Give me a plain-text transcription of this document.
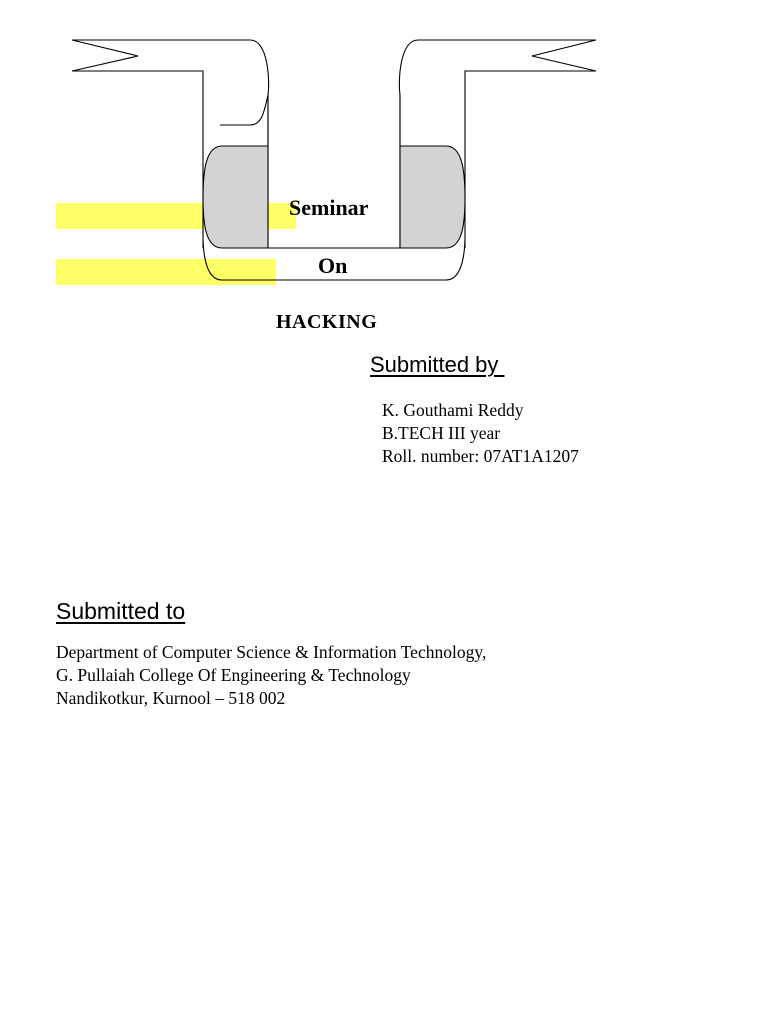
Seminar
On
HACKING
Submitted by
K. Gouthami Reddy
B.TECH III year
Roll. number: 07AT1A1207
Submitted to
Department of Computer Science & Information Technology,
G. Pullaiah College Of Engineering & Technology
Nandikotkur, Kurnool – 518 002
